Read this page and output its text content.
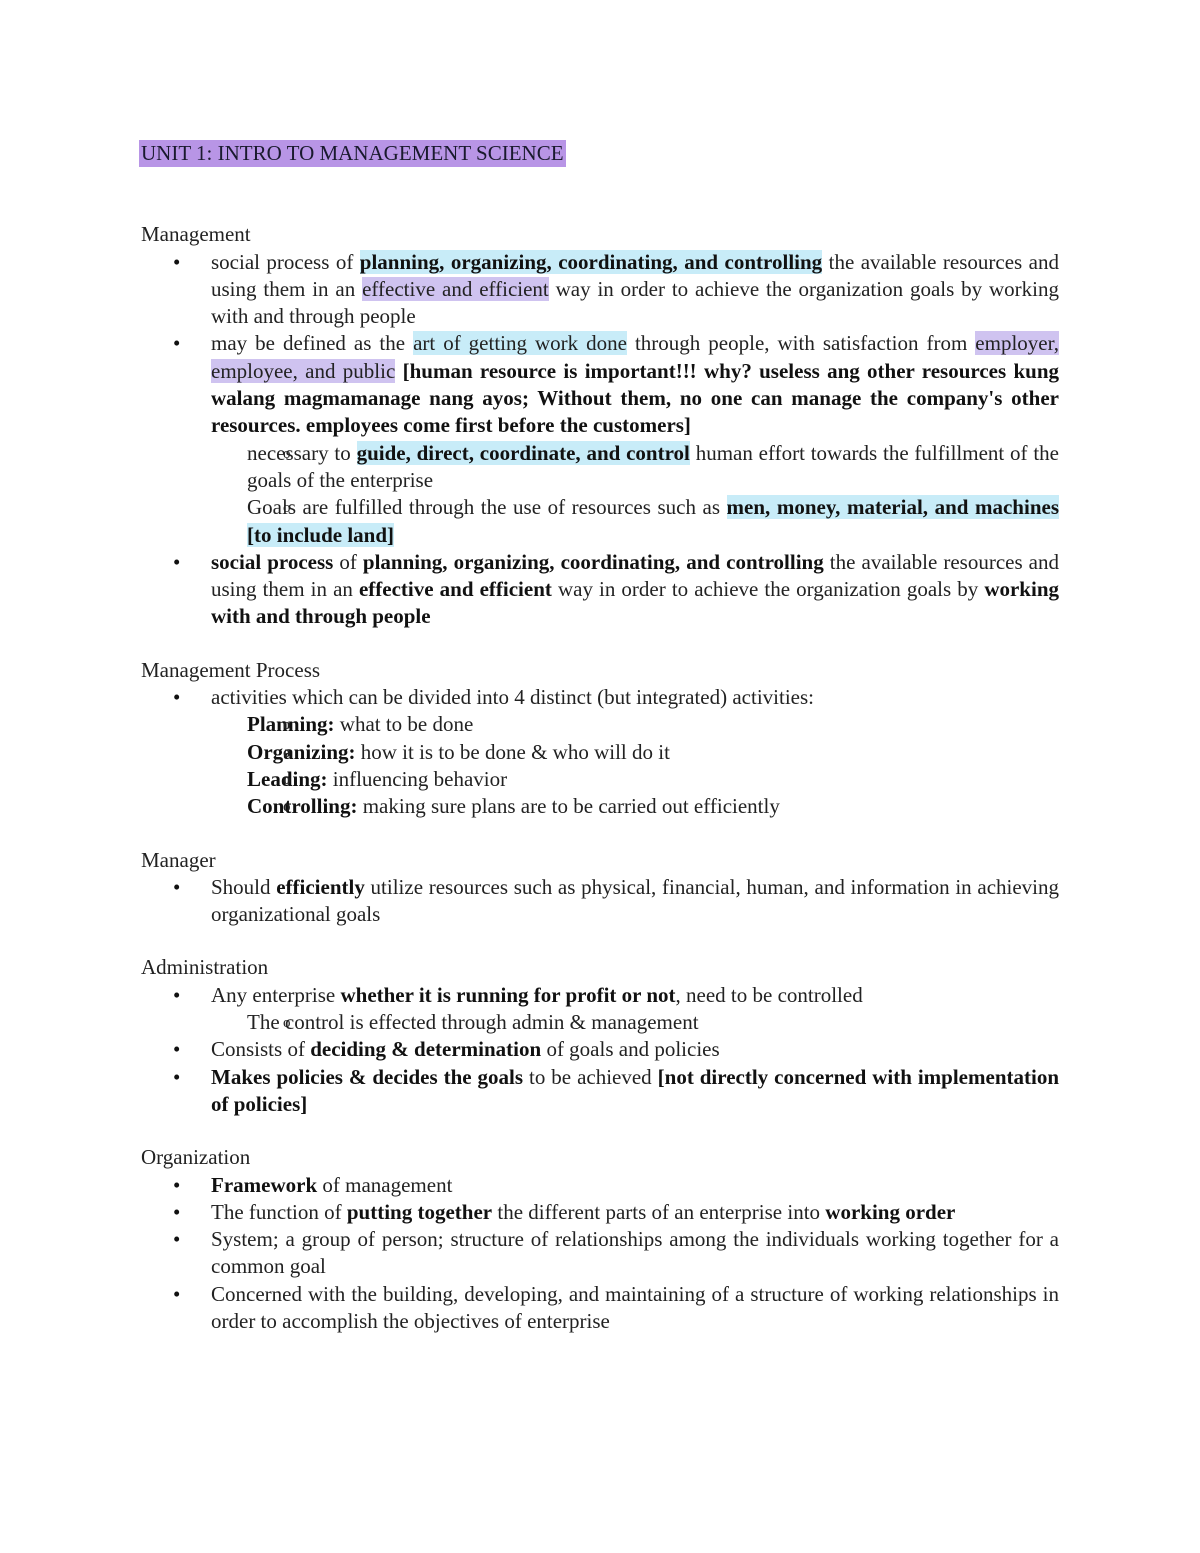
UNIT 1: INTRO TO MANAGEMENT SCIENCE
Management
• social process of planning, organizing, coordinating, and controlling the available resources and using them in an effective and efficient way in order to achieve the organization goals by working with and through people
• may be defined as the art of getting work done through people, with satisfaction from employer, employee, and public [human resource is important!!! why? useless ang other resources kung walang magmamanage nang ayos; Without them, no one can manage the company's other resources. employees come first before the customers]
o necessary to guide, direct, coordinate, and control human effort towards the fulfillment of the goals of the enterprise
o Goals are fulfilled through the use of resources such as men, money, material, and machines [to include land]
• social process of planning, organizing, coordinating, and controlling the available resources and using them in an effective and efficient way in order to achieve the organization goals by working with and through people
Management Process
• activities which can be divided into 4 distinct (but integrated) activities:
o Planning: what to be done
o Organizing: how it is to be done & who will do it
o Leading: influencing behavior
o Controlling: making sure plans are to be carried out efficiently
Manager
• Should efficiently utilize resources such as physical, financial, human, and information in achieving organizational goals
Administration
• Any enterprise whether it is running for profit or not, need to be controlled
o The control is effected through admin & management
• Consists of deciding & determination of goals and policies
• Makes policies & decides the goals to be achieved [not directly concerned with implementation of policies]
Organization
• Framework of management
• The function of putting together the different parts of an enterprise into working order
• System; a group of person; structure of relationships among the individuals working together for a common goal
• Concerned with the building, developing, and maintaining of a structure of working relationships in order to accomplish the objectives of enterprise
